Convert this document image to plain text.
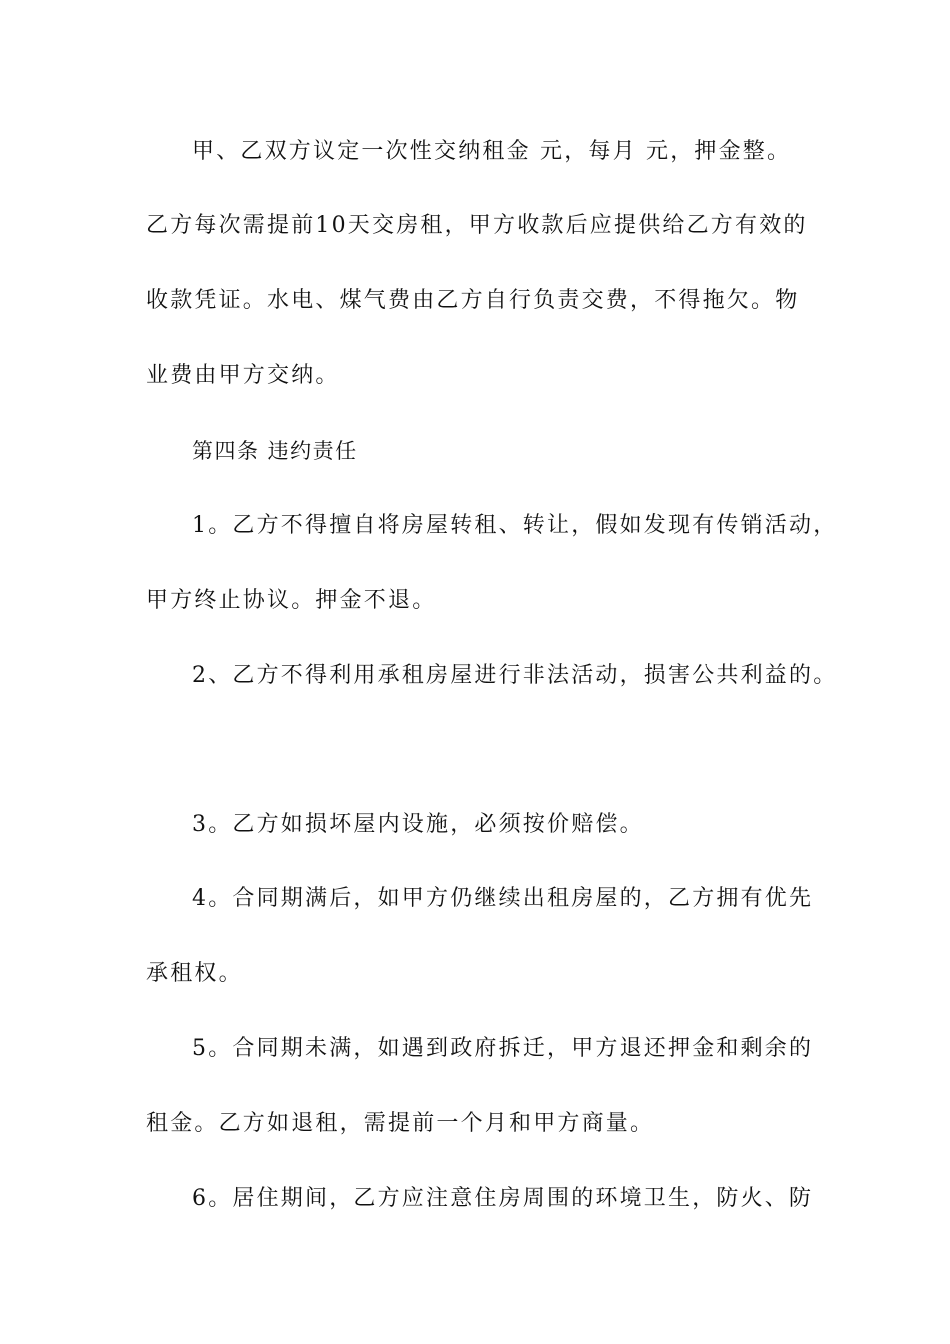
甲、乙双方议定一次性交纳租金 元，每月 元，押金整。
乙方每次需提前10天交房租，甲方收款后应提供给乙方有效的
收款凭证。水电、煤气费由乙方自行负责交费，不得拖欠。物
业费由甲方交纳。
第四条 违约责任
1。乙方不得擅自将房屋转租、转让，假如发现有传销活动，
甲方终止协议。押金不退。
2、乙方不得利用承租房屋进行非法活动，损害公共利益的。
3。乙方如损坏屋内设施，必须按价赔偿。
4。合同期满后，如甲方仍继续出租房屋的，乙方拥有优先
承租权。
5。合同期未满，如遇到政府拆迁，甲方退还押金和剩余的
租金。乙方如退租，需提前一个月和甲方商量。
6。居住期间，乙方应注意住房周围的环境卫生，防火、防
